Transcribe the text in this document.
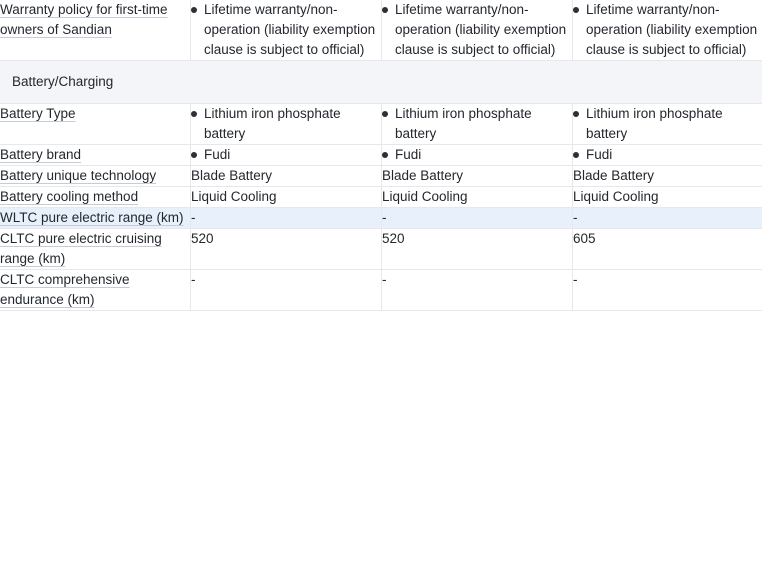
Warranty policy for first-time owners of Sandian	Lifetime warranty/non-operation (liability exemption clause is subject to official)	Lifetime warranty/non-operation (liability exemption clause is subject to official)	Lifetime warranty/non-operation (liability exemption clause is subject to official)

Battery/Charging			
Battery Type	Lithium iron phosphate battery	Lithium iron phosphate battery	Lithium iron phosphate battery

Battery brand	Fudi	Fudi	Fudi

Battery unique technology	Blade Battery	Blade Battery	Blade Battery
Battery cooling method	Liquid Cooling	Liquid Cooling	Liquid Cooling
WLTC pure electric range (km)	-	-	-
CLTC pure electric cruising range (km)	520	520	605
CLTC comprehensive endurance (km)	-	-	-
